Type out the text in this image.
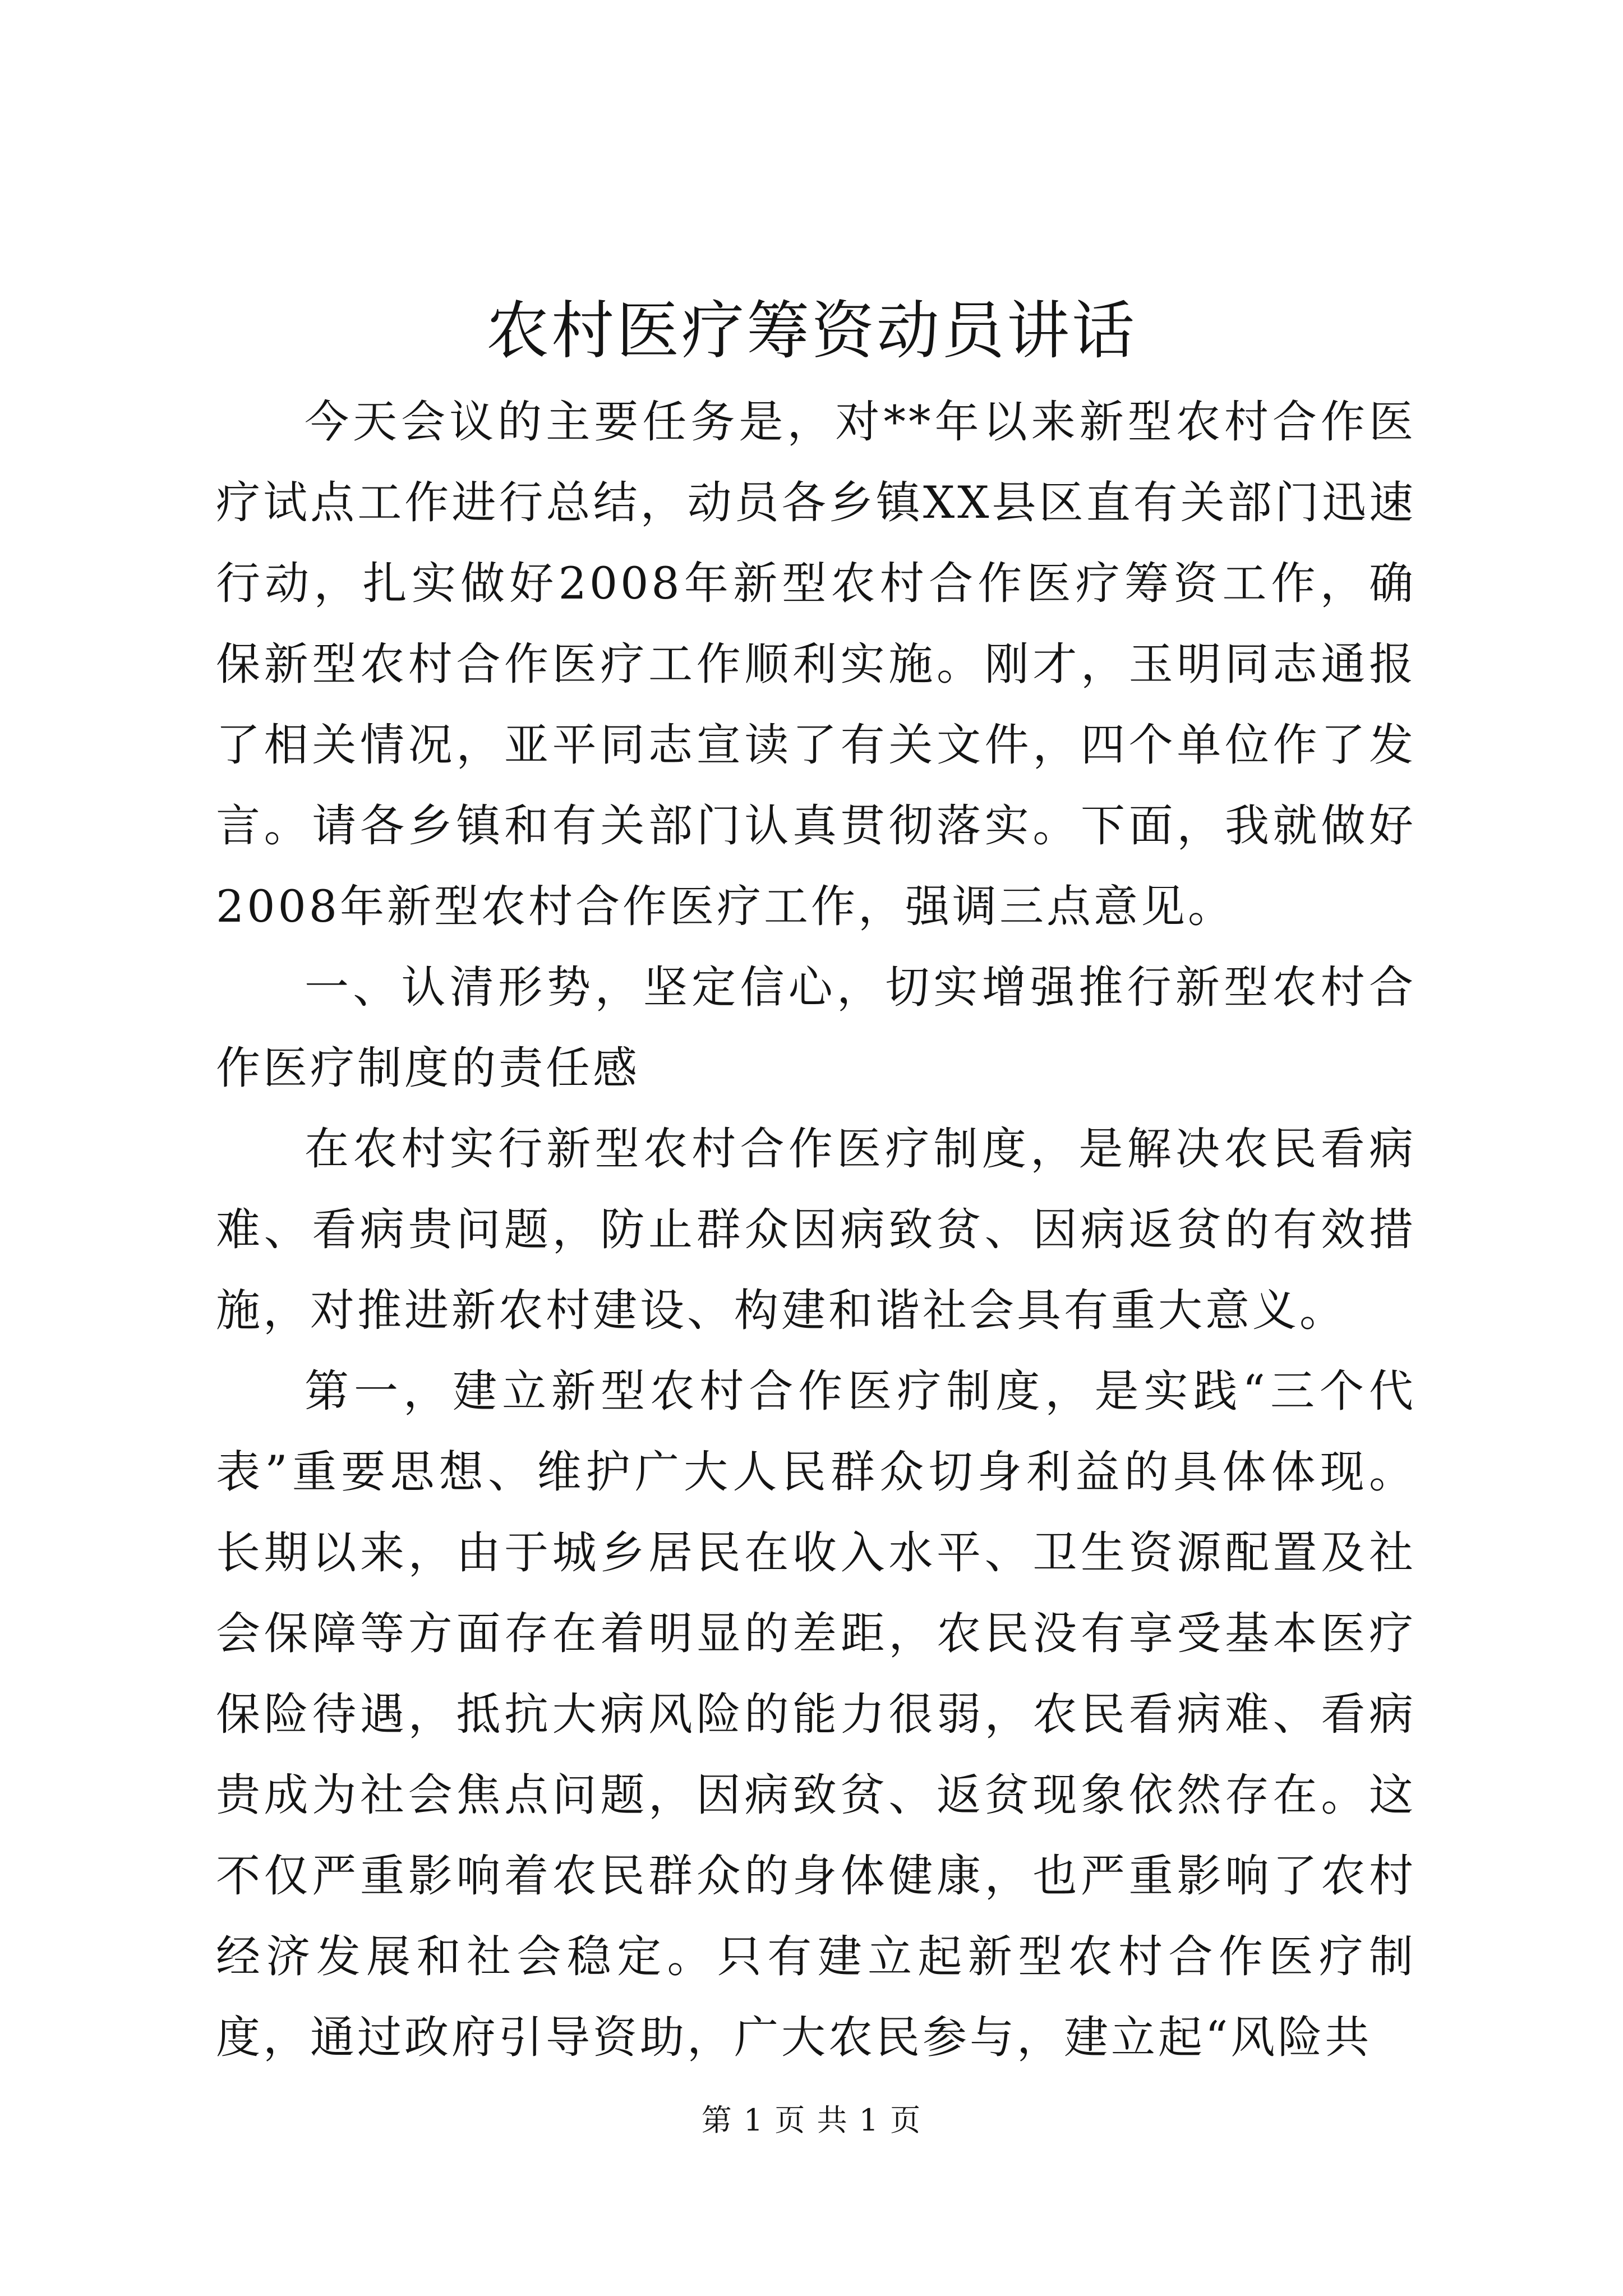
农村医疗筹资动员讲话

今天会议的主要任务是，对**年以来新型农村合作医疗试点工作进行总结，动员各乡镇XX县区直有关部门迅速行动，扎实做好2008年新型农村合作医疗筹资工作，确保新型农村合作医疗工作顺利实施。刚才，玉明同志通报了相关情况，亚平同志宣读了有关文件，四个单位作了发言。请各乡镇和有关部门认真贯彻落实。下面，我就做好2008年新型农村合作医疗工作，强调三点意见。

一、认清形势，坚定信心，切实增强推行新型农村合作医疗制度的责任感

在农村实行新型农村合作医疗制度，是解决农民看病难、看病贵问题，防止群众因病致贫、因病返贫的有效措施，对推进新农村建设、构建和谐社会具有重大意义。

第一，建立新型农村合作医疗制度，是实践“三个代表”重要思想、维护广大人民群众切身利益的具体体现。长期以来，由于城乡居民在收入水平、卫生资源配置及社会保障等方面存在着明显的差距，农民没有享受基本医疗保险待遇，抵抗大病风险的能力很弱，农民看病难、看病贵成为社会焦点问题，因病致贫、返贫现象依然存在。这不仅严重影响着农民群众的身体健康，也严重影响了农村经济发展和社会稳定。只有建立起新型农村合作医疗制度，通过政府引导资助，广大农民参与，建立起“风险共

第 1 页 共 1 页
